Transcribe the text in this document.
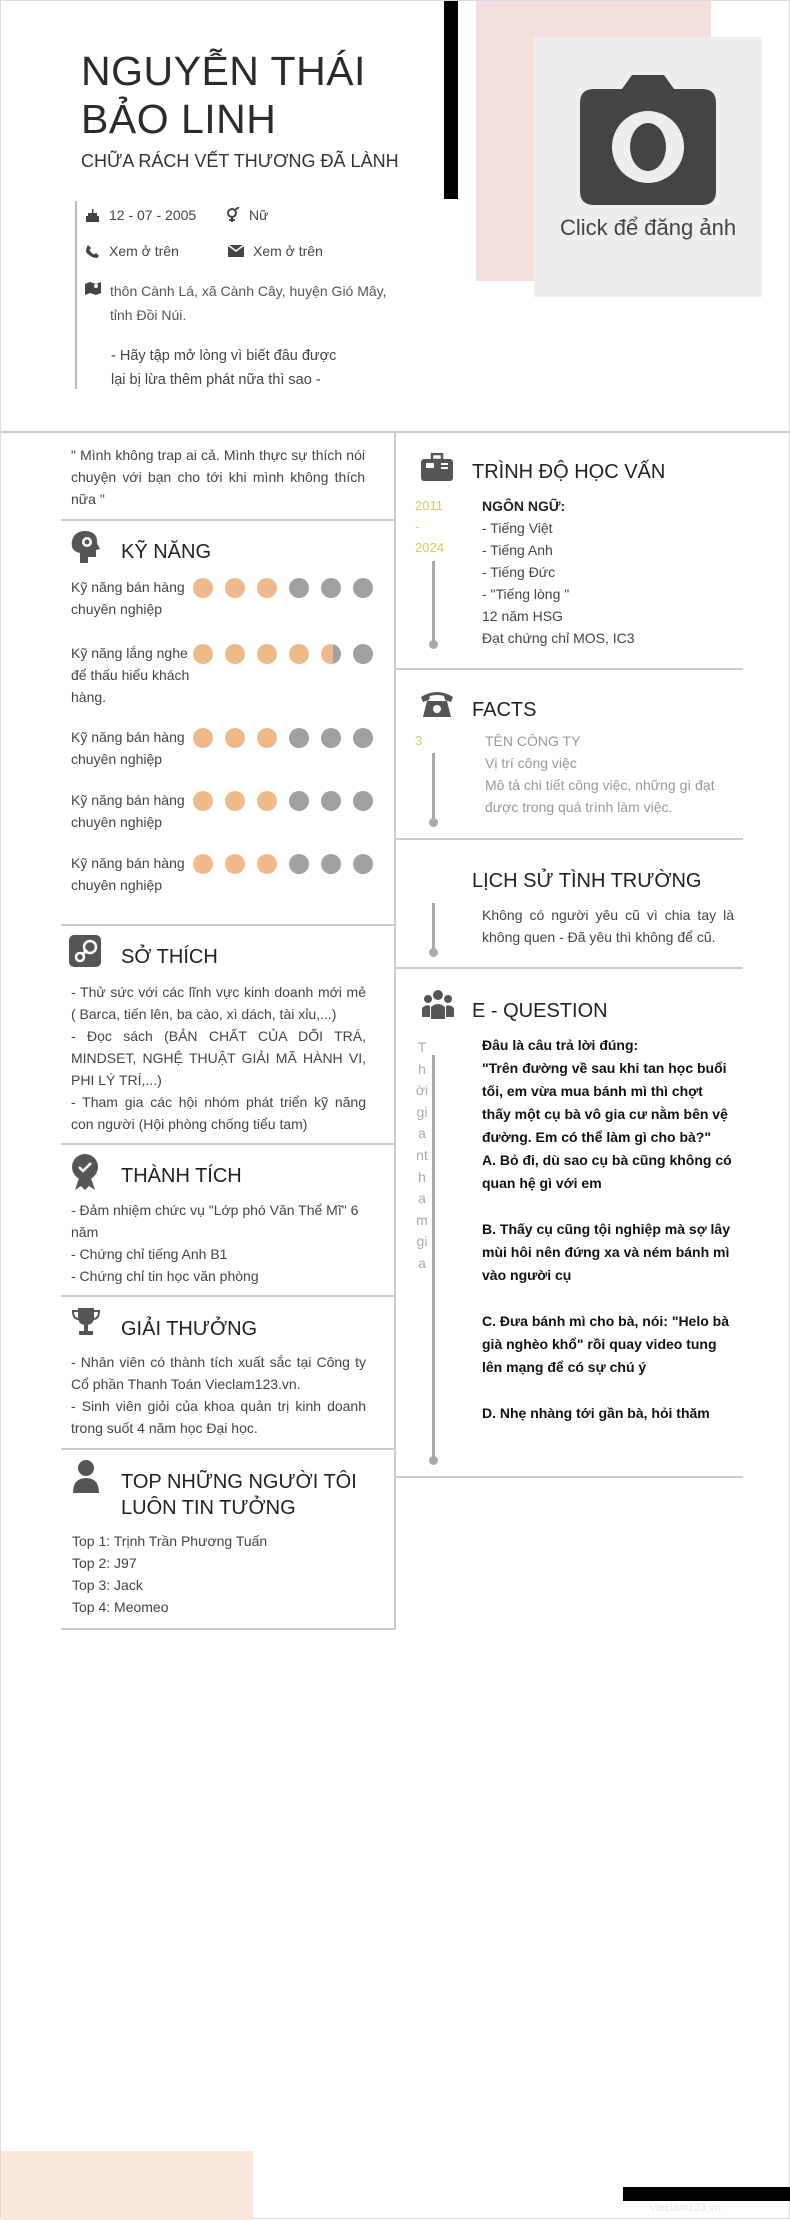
NGUYỄN THÁI BẢO LINH
CHỮA RÁCH VẾT THƯƠNG ĐÃ LÀNH
Click để đăng ảnh
12 - 07 - 2005	Nữ
Xem ở trên	Xem ở trên
thôn Cành Lá, xã Cành Cây, huyện Gió Mây, tỉnh Đồi Núi.
- Hãy tập mở lòng vì biết đâu được lại bị lừa thêm phát nữa thì sao -
" Mình không trap ai cả. Mình thực sự thích nói chuyện với bạn cho tới khi mình không thích nữa "
KỸ NĂNG
SỞ THÍCH
- Thử sức với các lĩnh vực kinh doanh mới mẻ ( Barca, tiến lên, ba cào, xì dách, tài xỉu,...)
- Đọc sách (BẢN CHẤT CỦA DỐI TRÁ, MINDSET, NGHỆ THUẬT GIẢI MÃ HÀNH VI, PHI LÝ TRÍ,...)
- Tham gia các hội nhóm phát triển kỹ năng con người (Hội phòng chống tiểu tam)
THÀNH TÍCH
- Đảm nhiệm chức vụ "Lớp phó Văn Thể Mĩ" 6 năm
- Chứng chỉ tiếng Anh B1
- Chứng chỉ tin học văn phòng
GIẢI THƯỞNG
- Nhân viên có thành tích xuất sắc tại Công ty Cổ phần Thanh Toán Vieclam123.vn.
- Sinh viên giỏi của khoa quản trị kinh doanh trong suốt 4 năm học Đại học.
TOP NHỮNG NGƯỜI TÔI LUÔN TIN TƯỞNG
TRÌNH ĐỘ HỌC VẤN
2011
-
2024
NGÔN NGỮ:
FACTS
3	TÊN CÔNG TY
Vị trí công việc
Mô tả chi tiết công việc, những gì đạt được trong quá trình làm việc.
LỊCH SỬ TÌNH TRƯỜNG
Không có người yêu cũ vì chia tay là không quen - Đã yêu thì không để cũ.
E - QUESTION
Thờigianthamgia
Đâu là câu trả lời đúng:
"Trên đường về sau khi tan học buổi tối, em vừa mua bánh mì thì chợt thấy một cụ bà vô gia cư nằm bên vệ đường. Em có thể làm gì cho bà?"
A. Bỏ đi, dù sao cụ bà cũng không có quan hệ gì với em

B. Thấy cụ cũng tội nghiệp mà sợ lây mùi hôi nên đứng xa và ném bánh mì vào người cụ

C. Đưa bánh mì cho bà, nói: "Helo bà già nghèo khổ" rồi quay video tung lên mạng để có sự chú ý

D. Nhẹ nhàng tới gần bà, hỏi thăm
Vieclam123.vn
Kỹ năng bán hàng chuyên nghiệp
Kỹ năng lắng nghe để thấu hiểu khách hàng.
Kỹ năng bán hàng chuyên nghiệp
Kỹ năng bán hàng chuyên nghiệp
Kỹ năng bán hàng chuyên nghiệp
Top 1: Trịnh Trần Phương Tuấn
Top 2: J97
Top 3: Jack
Top 4: Meomeo
- Tiếng Việt
- Tiếng Anh
- Tiếng Đức
- "Tiếng lòng "
12 năm HSG
Đạt chứng chỉ MOS, IC3
